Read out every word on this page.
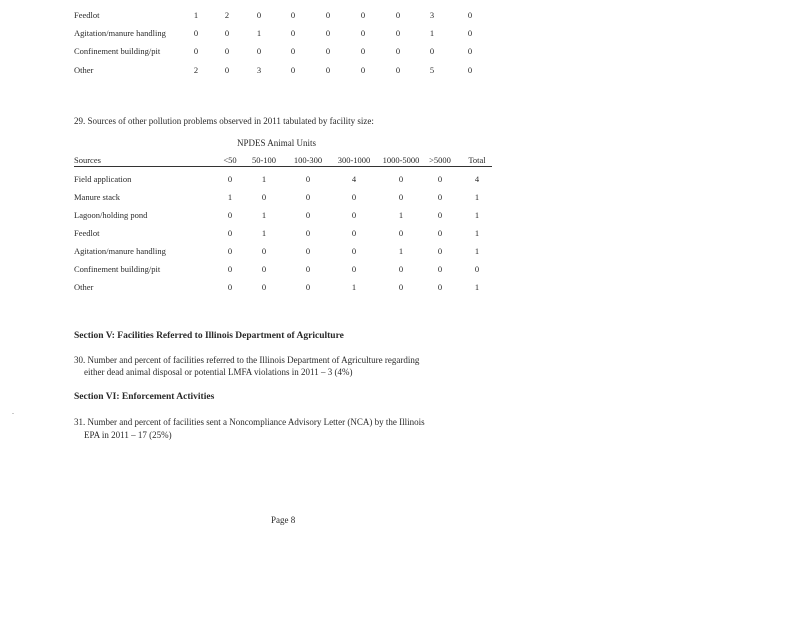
Feedlot	1	2	0	0	0	0	0	3	0
Agitation/manure handling	0	0	1	0	0	0	0	1	0
Confinement building/pit	0	0	0	0	0	0	0	0	0
Other	2	0	3	0	0	0	0	5	0
29. Sources of other pollution problems observed in 2011 tabulated by facility size:
NPDES Animal Units
Sources	<50	50-100	100-300	300-1000	1000-5000	>5000	Total
Field application	0	1	0	4	0	0	4
Manure stack	1	0	0	0	0	0	1
Lagoon/holding pond	0	1	0	0	1	0	1
Feedlot	0	1	0	0	0	0	1
Agitation/manure handling	0	0	0	0	1	0	1
Confinement building/pit	0	0	0	0	0	0	0
Other	0	0	0	1	0	0	1
Section V: Facilities Referred to Illinois Department of Agriculture
30. Number and percent of facilities referred to the Illinois Department of Agriculture regarding
either dead animal disposal or potential LMFA violations in 2011 – 3 (4%)
Section VI: Enforcement Activities
31. Number and percent of facilities sent a Noncompliance Advisory Letter (NCA) by the Illinois
EPA in 2011 – 17 (25%)
.
Page 8
